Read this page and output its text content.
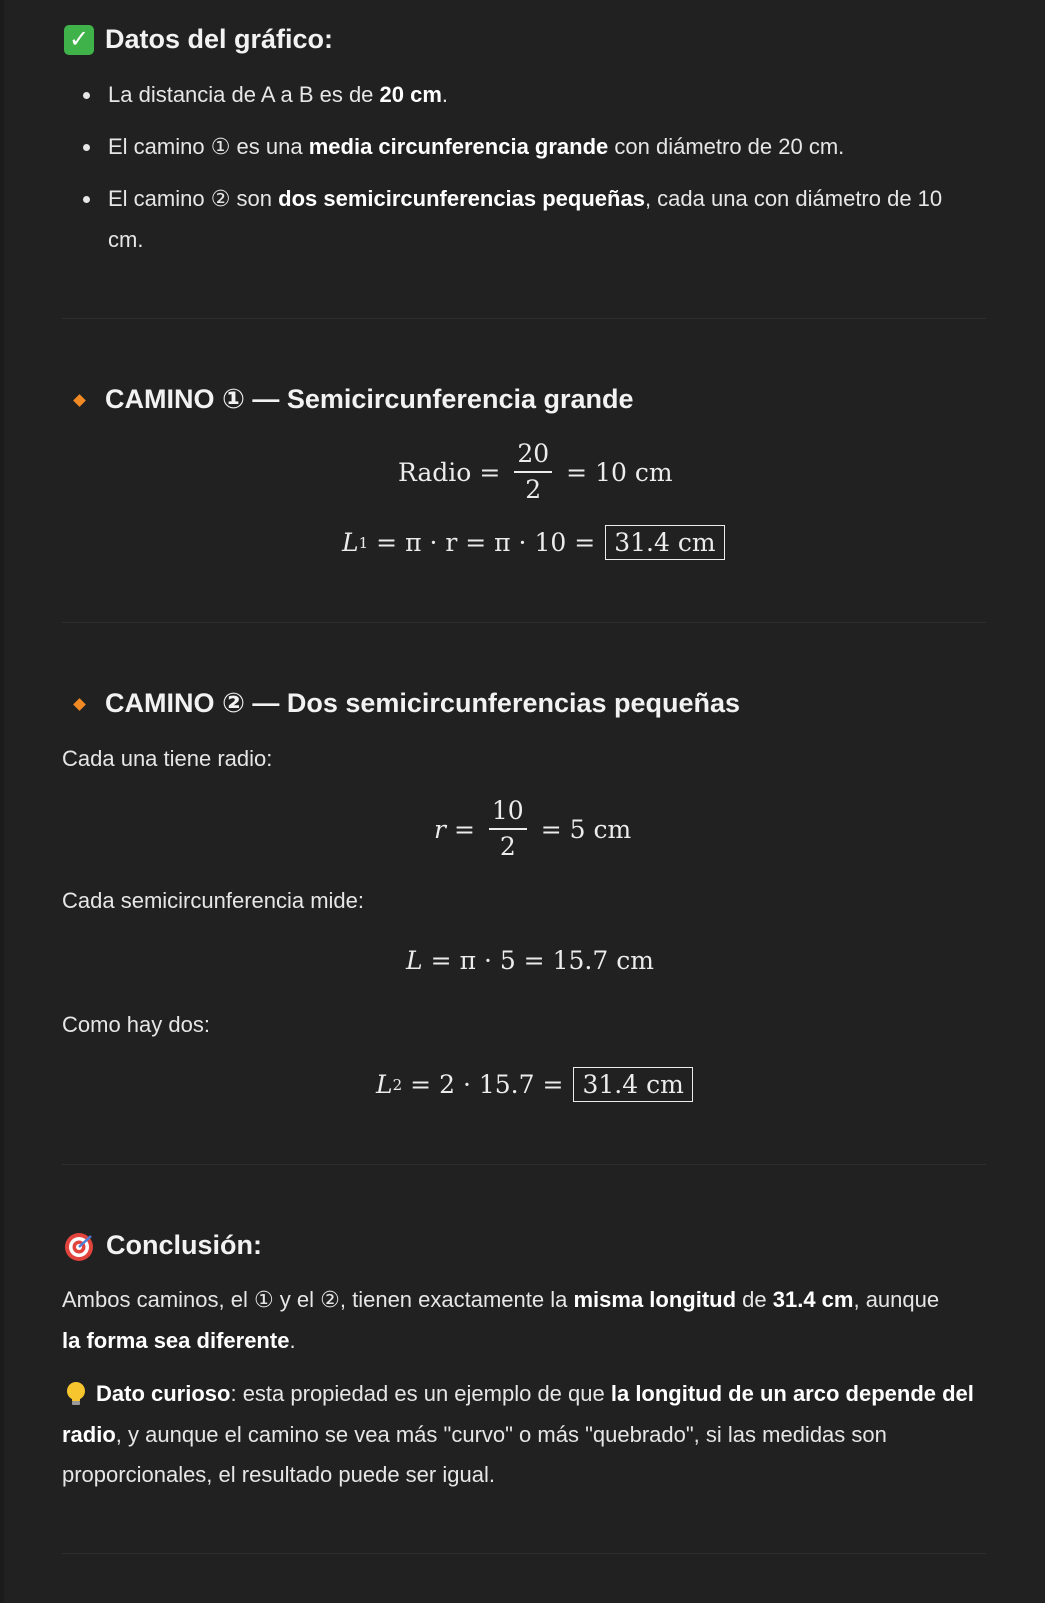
✓ Datos del gráfico:
La distancia de A a B es de 20 cm.
El camino ① es una media circunferencia grande con diámetro de 20 cm.
El camino ② son dos semicircunferencias pequeñas, cada una con diámetro de 10
cm.
CAMINO ① — Semicircunferencia grande
Radio = $\frac{20}{2} = 10$ cm
L 1 = π · r = π · 10 = 31.4 cm
CAMINO ② — Dos semicircunferencias pequeñas
Cada una tiene radio:
$r = \frac{10}{2} = 5$ cm
Cada semicircunferencia mide:
L = π · 5 = 15.7 cm
Como hay dos:
L 2 = 2 · 15.7 = 31.4 cm
Conclusión:
Ambos caminos, el ① y el ②, tienen exactamente la misma longitud de 31.4 cm, aunque
la forma sea diferente.
Dato curioso: esta propiedad es un ejemplo de que la longitud de un arco depende del
radio, y aunque el camino se vea más "curvo" o más "quebrado", si las medidas son
proporcionales, el resultado puede ser igual.
